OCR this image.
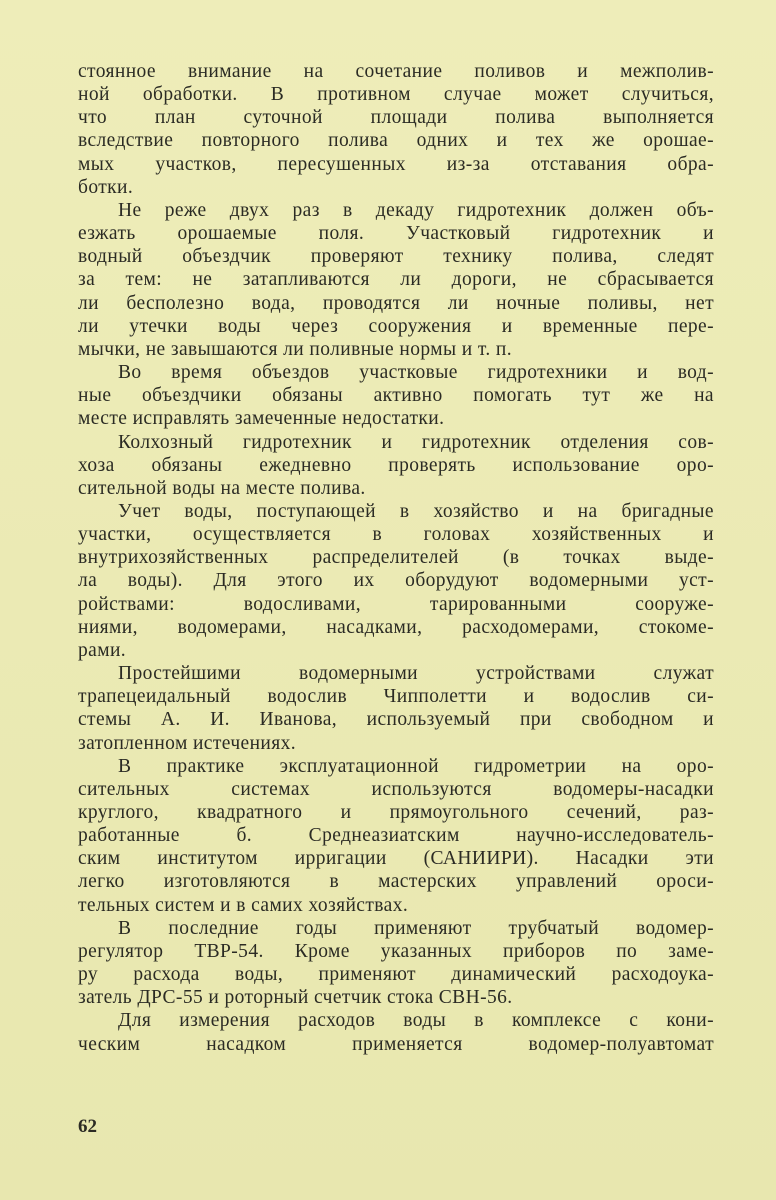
стоянное внимание на сочетание поливов и межполив-
ной обработки. В противном случае может случиться,
что план суточной площади полива выполняется
вследствие повторного полива одних и тех же орошае-
мых участков, пересушенных из-за отставания обра-
ботки.
Не реже двух раз в декаду гидротехник должен объ-
езжать орошаемые поля. Участковый гидротехник и
водный объездчик проверяют технику полива, следят
за тем: не затапливаются ли дороги, не сбрасывается
ли бесполезно вода, проводятся ли ночные поливы, нет
ли утечки воды через сооружения и временные пере-
мычки, не завышаются ли поливные нормы и т. п.
Во время объездов участковые гидротехники и вод-
ные объездчики обязаны активно помогать тут же на
месте исправлять замеченные недостатки.
Колхозный гидротехник и гидротехник отделения сов-
хоза обязаны ежедневно проверять использование оро-
сительной воды на месте полива.
Учет воды, поступающей в хозяйство и на бригадные
участки, осуществляется в головах хозяйственных и
внутрихозяйственных распределителей (в точках выде-
ла воды). Для этого их оборудуют водомерными уст-
ройствами: водосливами, тарированными сооруже-
ниями, водомерами, насадками, расходомерами, стокоме-
рами.
Простейшими водомерными устройствами служат
трапецеидальный водослив Чипполетти и водослив си-
стемы А. И. Иванова, используемый при свободном и
затопленном истечениях.
В практике эксплуатационной гидрометрии на оро-
сительных системах используются водомеры-насадки
круглого, квадратного и прямоугольного сечений, раз-
работанные б. Среднеазиатским научно-исследователь-
ским институтом ирригации (САНИИРИ). Насадки эти
легко изготовляются в мастерских управлений ороси-
тельных систем и в самих хозяйствах.
В последние годы применяют трубчатый водомер-
регулятор ТВР-54. Кроме указанных приборов по заме-
ру расхода воды, применяют динамический расходоука-
затель ДРС-55 и роторный счетчик стока СВН-56.
Для измерения расходов воды в комплексе с кони-
ческим насадком применяется водомер-полуавтомат
62
